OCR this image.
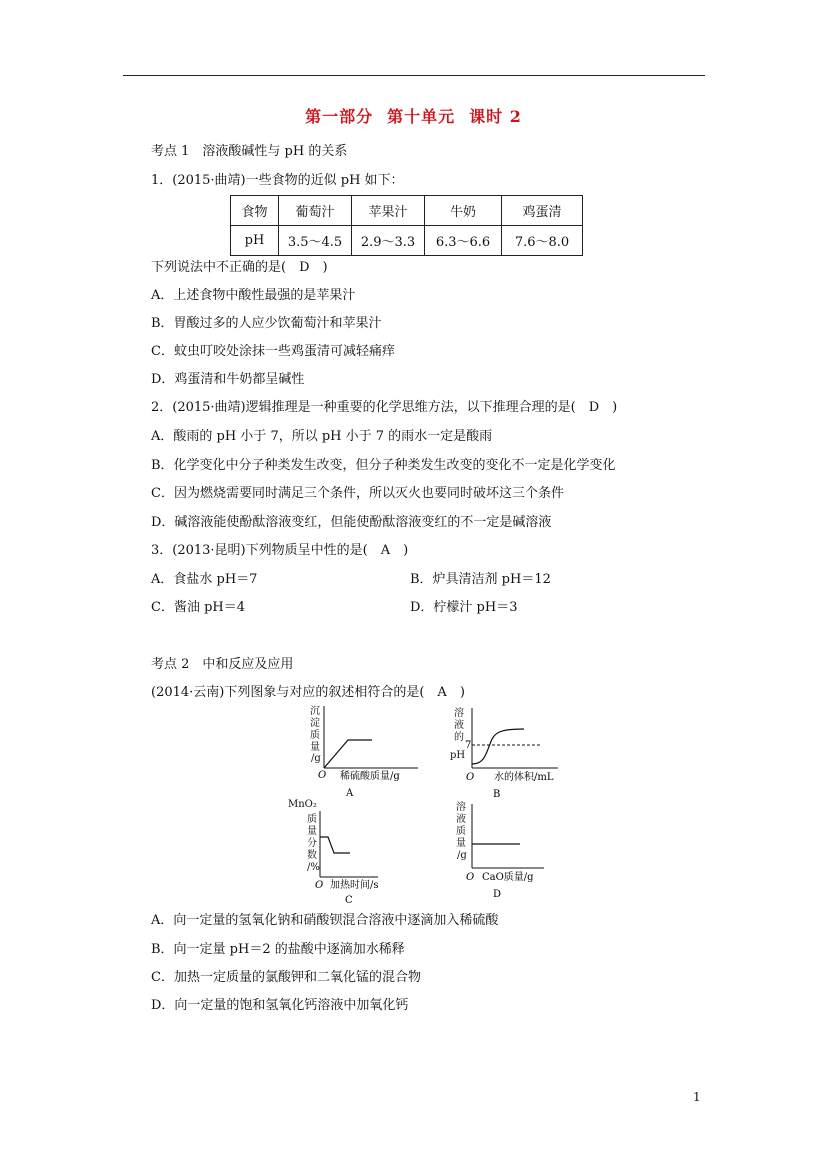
第一部分 第十单元 课时 2
考点 1　溶液酸碱性与 pH 的关系
1．(2015·曲靖)一些食物的近似 pH 如下：
食物	葡萄汁	苹果汁	牛奶	鸡蛋清
pH	3.5～4.5	2.9～3.3	6.3～6.6	7.6～8.0
下列说法中不正确的是(　D　)
A．上述食物中酸性最强的是苹果汁
B．胃酸过多的人应少饮葡萄汁和苹果汁
C．蚊虫叮咬处涂抹一些鸡蛋清可减轻痛痒
D．鸡蛋清和牛奶都呈碱性
2．(2015·曲靖)逻辑推理是一种重要的化学思维方法，以下推理合理的是(　D　)
A．酸雨的 pH 小于 7，所以 pH 小于 7 的雨水一定是酸雨
B．化学变化中分子种类发生改变，但分子种类发生改变的变化不一定是化学变化
C．因为燃烧需要同时满足三个条件，所以灭火也要同时破坏这三个条件
D．碱溶液能使酚酞溶液变红，但能使酚酞溶液变红的不一定是碱溶液
3．(2013·昆明)下列物质呈中性的是(　A　)
A．食盐水 pH＝7	B．炉具清洁剂 pH＝12
C．酱油 pH＝4	D．柠檬汁 pH＝3
考点 2　中和反应及应用
(2014·云南)下列图象与对应的叙述相符合的是(　A　)
沉
淀
质
量
/g
O 稀硫酸质量/g
A
溶
液
的
pH
7
O 水的体积/mL
B
MnO₂
质
量
分
数
/%
O 加热时间/s
C
溶
液
质
量
/g
O CaO质量/g
D
A．向一定量的氢氧化钠和硝酸钡混合溶液中逐滴加入稀硫酸
B．向一定量 pH＝2 的盐酸中逐滴加水稀释
C．加热一定质量的氯酸钾和二氧化锰的混合物
D．向一定量的饱和氢氧化钙溶液中加氧化钙
1
